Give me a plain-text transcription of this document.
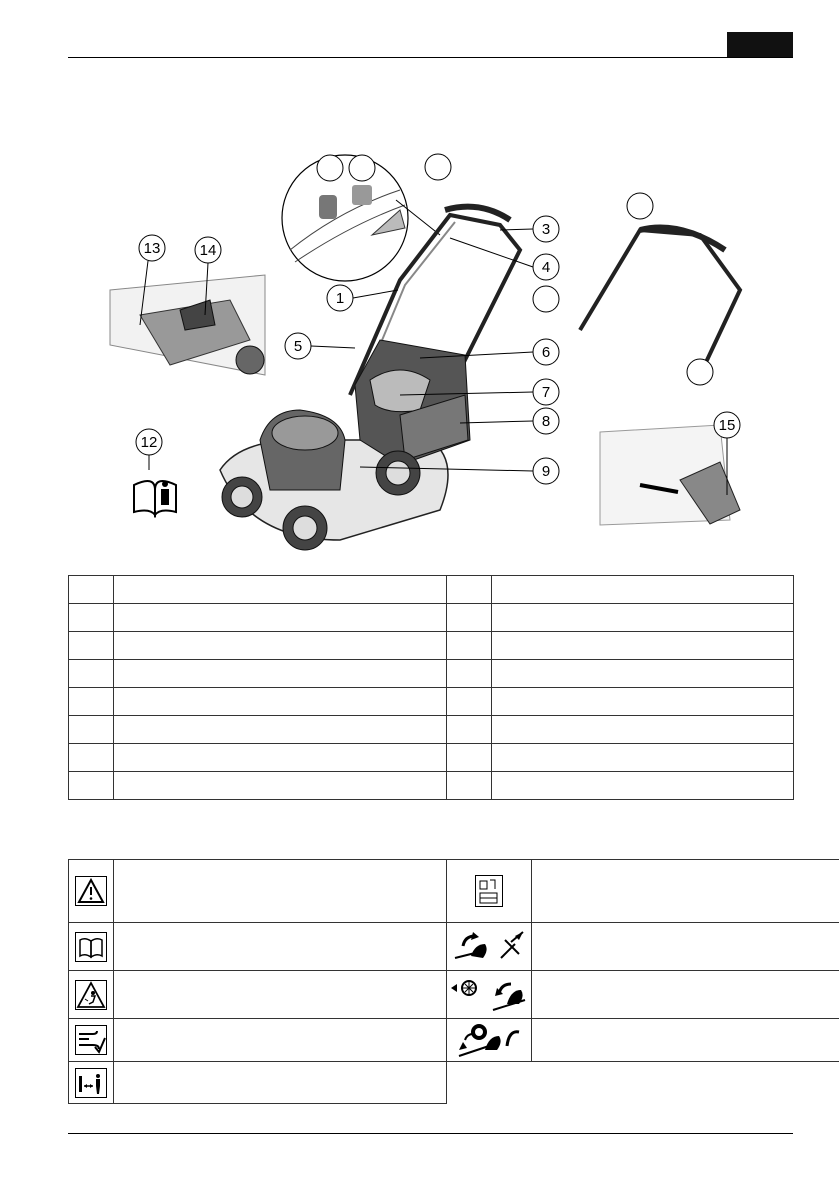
13	14
12
15
1
3
4
5	6
7
8
9
